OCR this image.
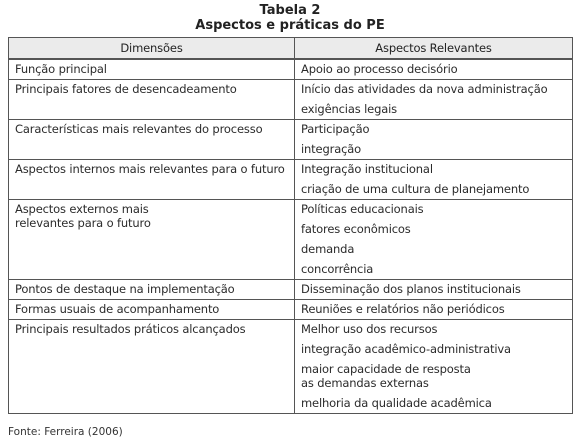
Tabela 2
Aspectos e práticas do PE
Dimensões	Aspectos Relevantes

Função principal	Apoio ao processo decisório

Principais fatores de desencadeamento	Início das atividades da nova administração
exigências legais

Características mais relevantes do processo	Participação
integração

Aspectos internos mais relevantes para o futuro	Integração institucional
criação de uma cultura de planejamento

Aspectos externos mais
relevantes para o futuro	Políticas educacionais
fatores econômicos
demanda
concorrência

Pontos de destaque na implementação	Disseminação dos planos institucionais

Formas usuais de acompanhamento	Reuniões e relatórios não periódicos

Principais resultados práticos alcançados	Melhor uso dos recursos
integração acadêmico-administrativa
maior capacidade de resposta
as demandas externas
melhoria da qualidade acadêmica
Fonte: Ferreira (2006)
